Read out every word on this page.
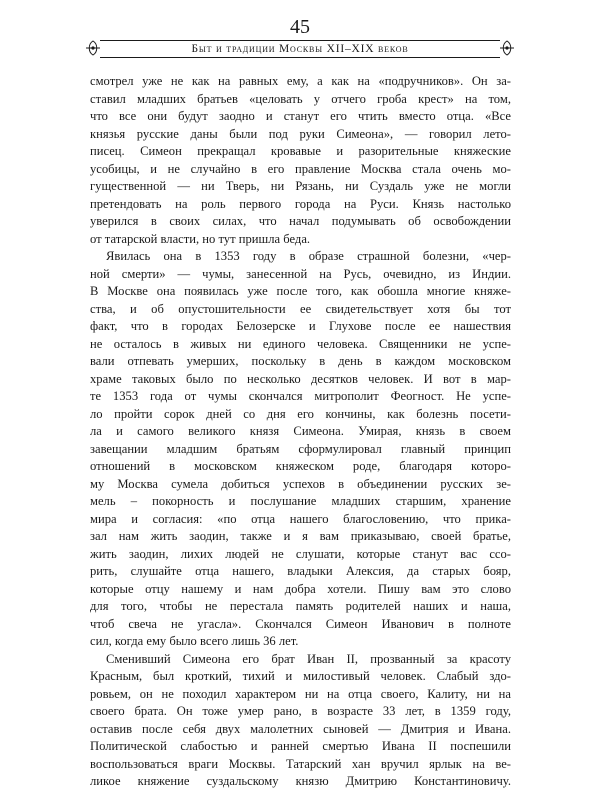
45
Быт и традиции Москвы XII–XIX веков
смотрел уже не как на равных ему, а как на «подручников». Он за-
ставил младших братьев «целовать у отчего гроба крест» на том,
что все они будут заодно и станут его чтить вместо отца. «Все
князья русские даны были под руки Симеона», — говорил лето-
писец. Симеон прекращал кровавые и разорительные княжеские
усобицы, и не случайно в его правление Москва стала очень мо-
гущественной — ни Тверь, ни Рязань, ни Суздаль уже не могли
претендовать на роль первого города на Руси. Князь настолько
уверился в своих силах, что начал подумывать об освобождении
от татарской власти, но тут пришла беда.
Явилась она в 1353 году в образе страшной болезни, «чер-
ной смерти» — чумы, занесенной на Русь, очевидно, из Индии.
В Москве она появилась уже после того, как обошла многие княже-
ства, и об опустошительности ее свидетельствует хотя бы тот
факт, что в городах Белозерске и Глухове после ее нашествия
не осталось в живых ни единого человека. Священники не успе-
вали отпевать умерших, поскольку в день в каждом московском
храме таковых было по несколько десятков человек. И вот в мар-
те 1353 года от чумы скончался митрополит Феогност. Не успе-
ло пройти сорок дней со дня его кончины, как болезнь посети-
ла и самого великого князя Симеона. Умирая, князь в своем
завещании младшим братьям сформулировал главный принцип
отношений в московском княжеском роде, благодаря которо-
му Москва сумела добиться успехов в объединении русских зе-
мель – покорность и послушание младших старшим, хранение
мира и согласия: «по отца нашего благословению, что прика-
зал нам жить заодин, также и я вам приказываю, своей братье,
жить заодин, лихих людей не слушати, которые станут вас ссо-
рить, слушайте отца нашего, владыки Алексия, да старых бояр,
которые отцу нашему и нам добра хотели. Пишу вам это слово
для того, чтобы не перестала память родителей наших и наша,
чтоб свеча не угасла». Скончался Симеон Иванович в полноте
сил, когда ему было всего лишь 36 лет.
Сменивший Симеона его брат Иван II, прозванный за красоту
Красным, был кроткий, тихий и милостивый человек. Слабый здо-
ровьем, он не походил характером ни на отца своего, Калиту, ни на
своего брата. Он тоже умер рано, в возрасте 33 лет, в 1359 году,
оставив после себя двух малолетних сыновей — Дмитрия и Ивана.
Политической слабостью и ранней смертью Ивана II поспешили
воспользоваться враги Москвы. Татарский хан вручил ярлык на ве-
ликое княжение суздальскому князю Дмитрию Константиновичу.
